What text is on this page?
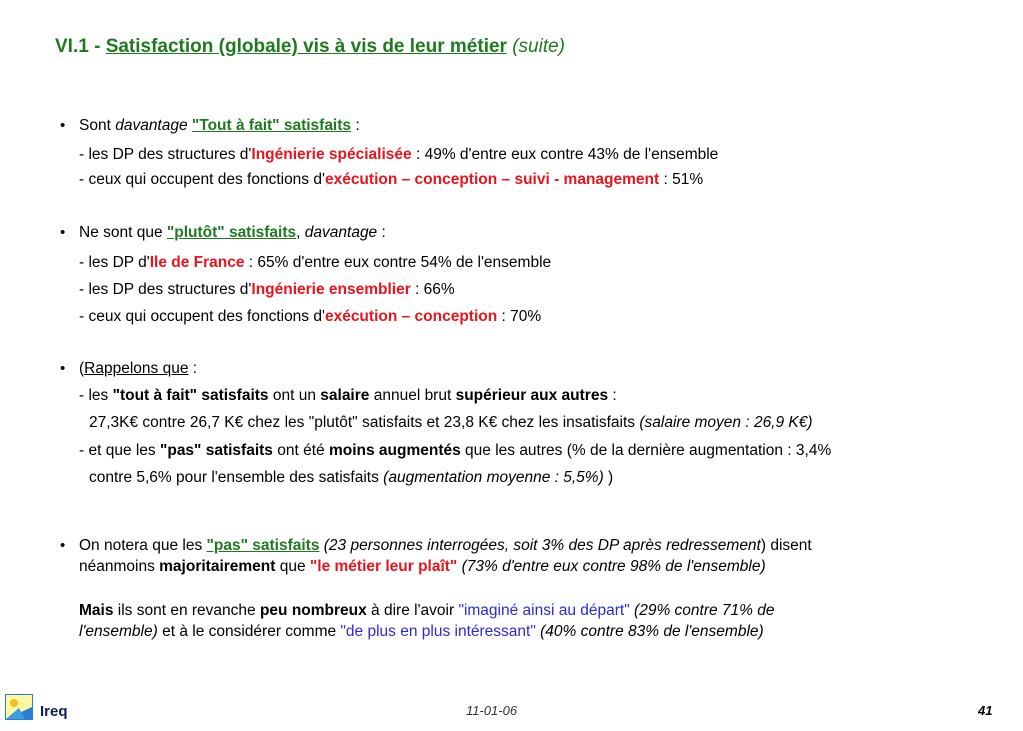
VI.1 - Satisfaction (globale) vis à vis de leur métier (suite)
• Sont davantage "Tout à fait" satisfaits :
- les DP des structures d'Ingénierie spécialisée : 49% d'entre eux contre 43% de l'ensemble
- ceux qui occupent des fonctions d'exécution – conception – suivi - management : 51%
• Ne sont que "plutôt" satisfaits, davantage :
- les DP d'Ile de France : 65% d'entre eux contre 54% de l'ensemble
- les DP des structures d'Ingénierie ensemblier : 66%
- ceux qui occupent des fonctions d'exécution – conception : 70%
• (Rappelons que :
- les "tout à fait" satisfaits ont un salaire annuel brut supérieur aux autres :
27,3K€ contre 26,7 K€ chez les "plutôt" satisfaits et 23,8 K€ chez les insatisfaits (salaire moyen : 26,9 K€)
- et que les "pas" satisfaits ont été moins augmentés que les autres (% de la dernière augmentation : 3,4%
contre 5,6% pour l'ensemble des satisfaits (augmentation moyenne : 5,5%) )
• On notera que les "pas" satisfaits (23 personnes interrogées, soit 3% des DP après redressement) disent
néanmoins majoritairement que "le métier leur plaît" (73% d'entre eux contre 98% de l'ensemble)
Mais ils sont en revanche peu nombreux à dire l'avoir "imaginé ainsi au départ" (29% contre 71% de
l'ensemble) et à le considérer comme "de plus en plus intéressant" (40% contre 83% de l'ensemble)
Ireq	11-01-06	41
